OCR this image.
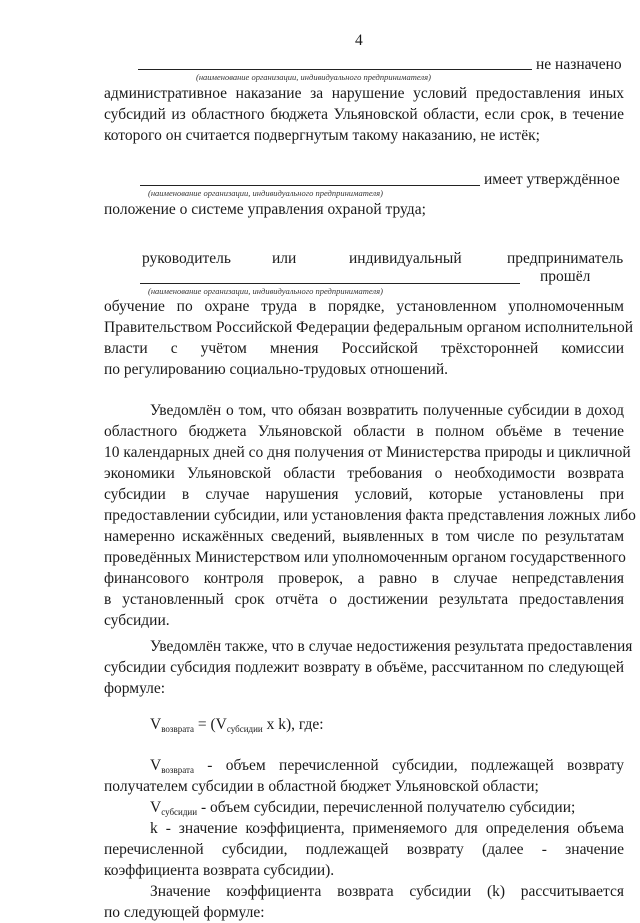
4
не назначено
(наименование организации, индивидуального предпринимателя)
административное наказание за нарушение условий предоставления иных
субсидий из областного бюджета Ульяновской области, если срок, в течение
которого он считается подвергнутым такому наказанию, не истёк;
имеет утверждённое
(наименование организации, индивидуального предпринимателя)
положение о системе управления охраной труда;
руководитель	или	индивидуальный	предприниматель
прошёл
(наименование организации, индивидуального предпринимателя)
обучение по охране труда в порядке, установленном уполномоченным
Правительством Российской Федерации федеральным органом исполнительной
власти с учётом мнения Российской трёхсторонней комиссии
по регулированию социально-трудовых отношений.
Уведомлён о том, что обязан возвратить полученные субсидии в доход
областного бюджета Ульяновской области в полном объёме в течение
10 календарных дней со дня получения от Министерства природы и цикличной
экономики Ульяновской области требования о необходимости возврата
субсидии в случае нарушения условий, которые установлены при
предоставлении субсидии, или установления факта представления ложных либо
намеренно искажённых сведений, выявленных в том числе по результатам
проведённых Министерством или уполномоченным органом государственного
финансового контроля проверок, а равно в случае непредставления
в установленный срок отчёта о достижении результата предоставления
субсидии.
Уведомлён также, что в случае недостижения результата предоставления
субсидии субсидия подлежит возврату в объёме, рассчитанном по следующей
формуле:
$V_{возврата} = (V_{субсидии}$ x k), где:
$V_{возврата}$ - объем перечисленной субсидии, подлежащей возврату
получателем субсидии в областной бюджет Ульяновской области;
$V_{субсидии}$ - объем субсидии, перечисленной получателю субсидии;
k - значение коэффициента, применяемого для определения объема
перечисленной субсидии, подлежащей возврату (далее - значение
коэффициента возврата субсидии).
Значение коэффициента возврата субсидии (k) рассчитывается
по следующей формуле:
